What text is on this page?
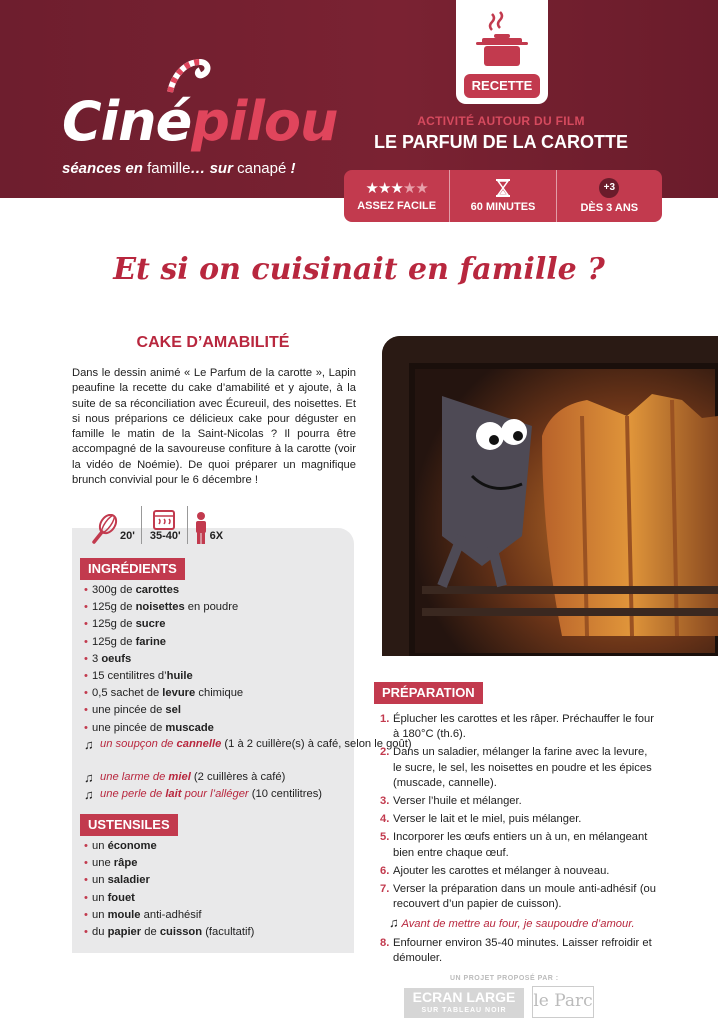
Cinépilou
séances en famille… sur canapé !
RECETTE
ACTIVITÉ AUTOUR DU FILM
LE PARFUM DE LA CAROTTE
★★★★★
ASSEZ FACILE	60 MINUTES
+3
DÈS 3 ANS
Et si on cuisinait en famille ?
CAKE D’AMABILITÉ

Dans le dessin animé « Le Parfum de la carotte », Lapin peaufine la recette du cake d’amabilité et y ajoute, à la suite de sa réconciliation avec Écureuil, des noisettes. Et si nous préparions ce délicieux cake pour déguster en famille le matin de la Saint-Nicolas ? Il pourra être accompagné de la savoureuse confiture à la carotte (voir la vidéo de Noémie). De quoi préparer un magnifique brunch convivial pour le 6 décembre !

20' 35-40'	6X
INGRÉDIENTS
• 300g de carottes
• 125g de noisettes en poudre
• 125g de sucre
• 125g de farine
• 3 oeufs
• 15 centilitres d’huile
• 0,5 sachet de levure chimique
• une pincée de sel
• une pincée de muscade
♫ un soupçon de cannelle (1 à 2 cuillère(s) à café, selon le goût)
♫ une larme de miel (2 cuillères à café)
♫ une perle de lait pour l’alléger (10 centilitres)
USTENSILES
• un économe
• une râpe
• un saladier
• un fouet
• un moule anti-adhésif
• du papier de cuisson (facultatif)
PRÉPARATION
1. Éplucher les carottes et les râper. Préchauffer le four à 180°C (th.6).
2. Dans un saladier, mélanger la farine avec la levure, le sucre, le sel, les noisettes en poudre et les épices (muscade, cannelle).
3. Verser l’huile et mélanger.
4. Verser le lait et le miel, puis mélanger.
5. Incorporer les œufs entiers un à un, en mélangeant bien entre chaque œuf.
6. Ajouter les carottes et mélanger à nouveau.
7. Verser la préparation dans un moule anti-adhésif (ou recouvert d’un papier de cuisson).
♫ Avant de mettre au four, je saupoudre d’amour.
8. Enfourner environ 35-40 minutes. Laisser refroidir et démouler.
UN PROJET PROPOSÉ PAR :
ECRAN LARGE
SUR TABLEAU NOIR	le Parc
